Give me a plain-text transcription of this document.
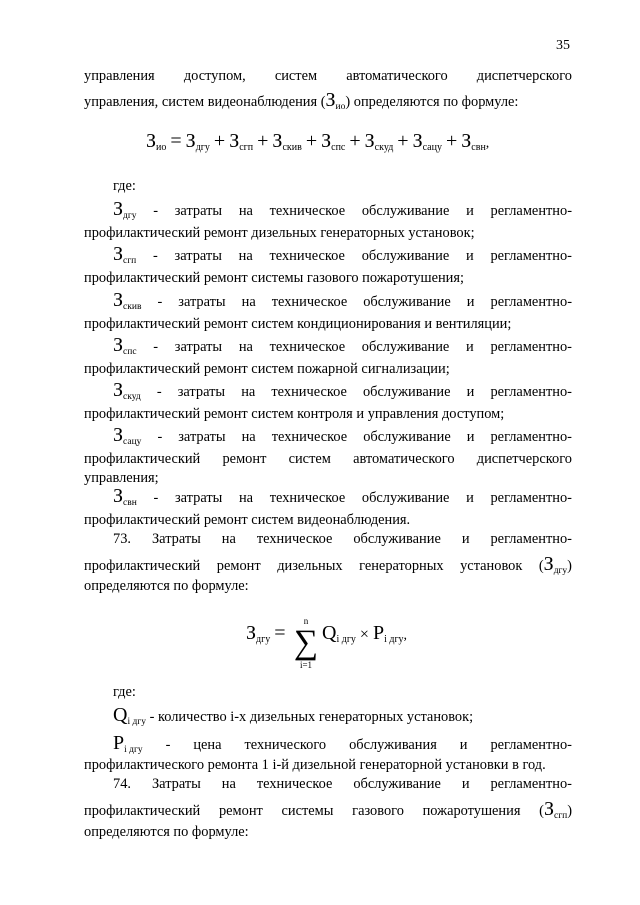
35
управления доступом, систем автоматического диспетчерского
управления, систем видеонаблюдения $(З_{ио})$ определяются по формуле:
$З_{ио} = З_{дгу} + З_{сгп} + З_{скив} + З_{спс} + З_{скуд} + З_{сацу} + З_{свн}$,
где:
$З_{дгу}$ - затраты на техническое обслуживание и регламентно-
профилактический ремонт дизельных генераторных установок;
$З_{сгп}$ - затраты на техническое обслуживание и регламентно-
профилактический ремонт системы газового пожаротушения;
$З_{скив}$ - затраты на техническое обслуживание и регламентно-
профилактический ремонт систем кондиционирования и вентиляции;
$З_{спс}$ - затраты на техническое обслуживание и регламентно-
профилактический ремонт систем пожарной сигнализации;
$З_{скуд}$ - затраты на техническое обслуживание и регламентно-
профилактический ремонт систем контроля и управления доступом;
$З_{сацу}$ - затраты на техническое обслуживание и регламентно-
профилактический ремонт систем автоматического диспетчерского
управления;
$З_{свн}$ - затраты на техническое обслуживание и регламентно-
профилактический ремонт систем видеонаблюдения.
73. Затраты на техническое обслуживание и регламентно-
профилактический ремонт дизельных генераторных установок $(З_{дгу})$
определяются по формуле:
$З_{дгу}$ =
n
∑
i=1
$Q_{i дгу} \times P_{i дгу}$,
где:
$Q_{i дгу}$ - количество i-х дизельных генераторных установок;
$P_{i дгу}$ - цена технического обслуживания и регламентно-
профилактического ремонта 1 i-й дизельной генераторной установки в год.
74. Затраты на техническое обслуживание и регламентно-
профилактический ремонт системы газового пожаротушения $(З_{сгп})$
определяются по формуле:
